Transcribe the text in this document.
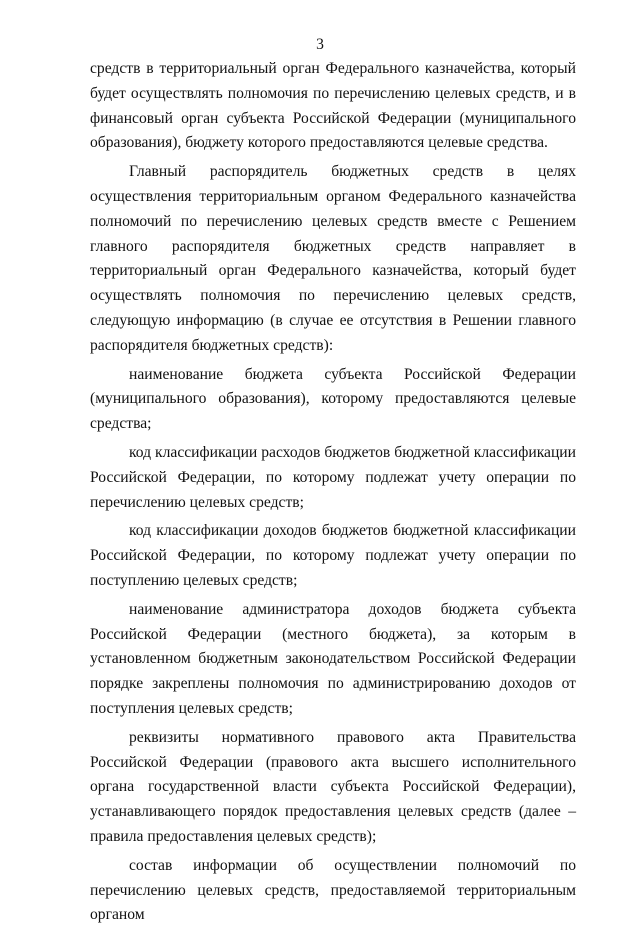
3

средств в территориальный орган Федерального казначейства, который будет осуществлять полномочия по перечислению целевых средств, и в финансовый орган субъекта Российской Федерации (муниципального образования), бюджету которого предоставляются целевые средства.

Главный распорядитель бюджетных средств в целях осуществления территориальным органом Федерального казначейства полномочий по перечислению целевых средств вместе с Решением главного распорядителя бюджетных средств направляет в территориальный орган Федерального казначейства, который будет осуществлять полномочия по перечислению целевых средств, следующую информацию (в случае ее отсутствия в Решении главного распорядителя бюджетных средств):

наименование бюджета субъекта Российской Федерации (муниципального образования), которому предоставляются целевые средства;

код классификации расходов бюджетов бюджетной классификации Российской Федерации, по которому подлежат учету операции по перечислению целевых средств;

код классификации доходов бюджетов бюджетной классификации Российской Федерации, по которому подлежат учету операции по поступлению целевых средств;

наименование администратора доходов бюджета субъекта Российской Федерации (местного бюджета), за которым в установленном бюджетным законодательством Российской Федерации порядке закреплены полномочия по администрированию доходов от поступления целевых средств;

реквизиты нормативного правового акта Правительства Российской Федерации (правового акта высшего исполнительного органа государственной власти субъекта Российской Федерации), устанавливающего порядок предоставления целевых средств (далее – правила предоставления целевых средств);

состав информации об осуществлении полномочий по перечислению целевых средств, предоставляемой территориальным органом
